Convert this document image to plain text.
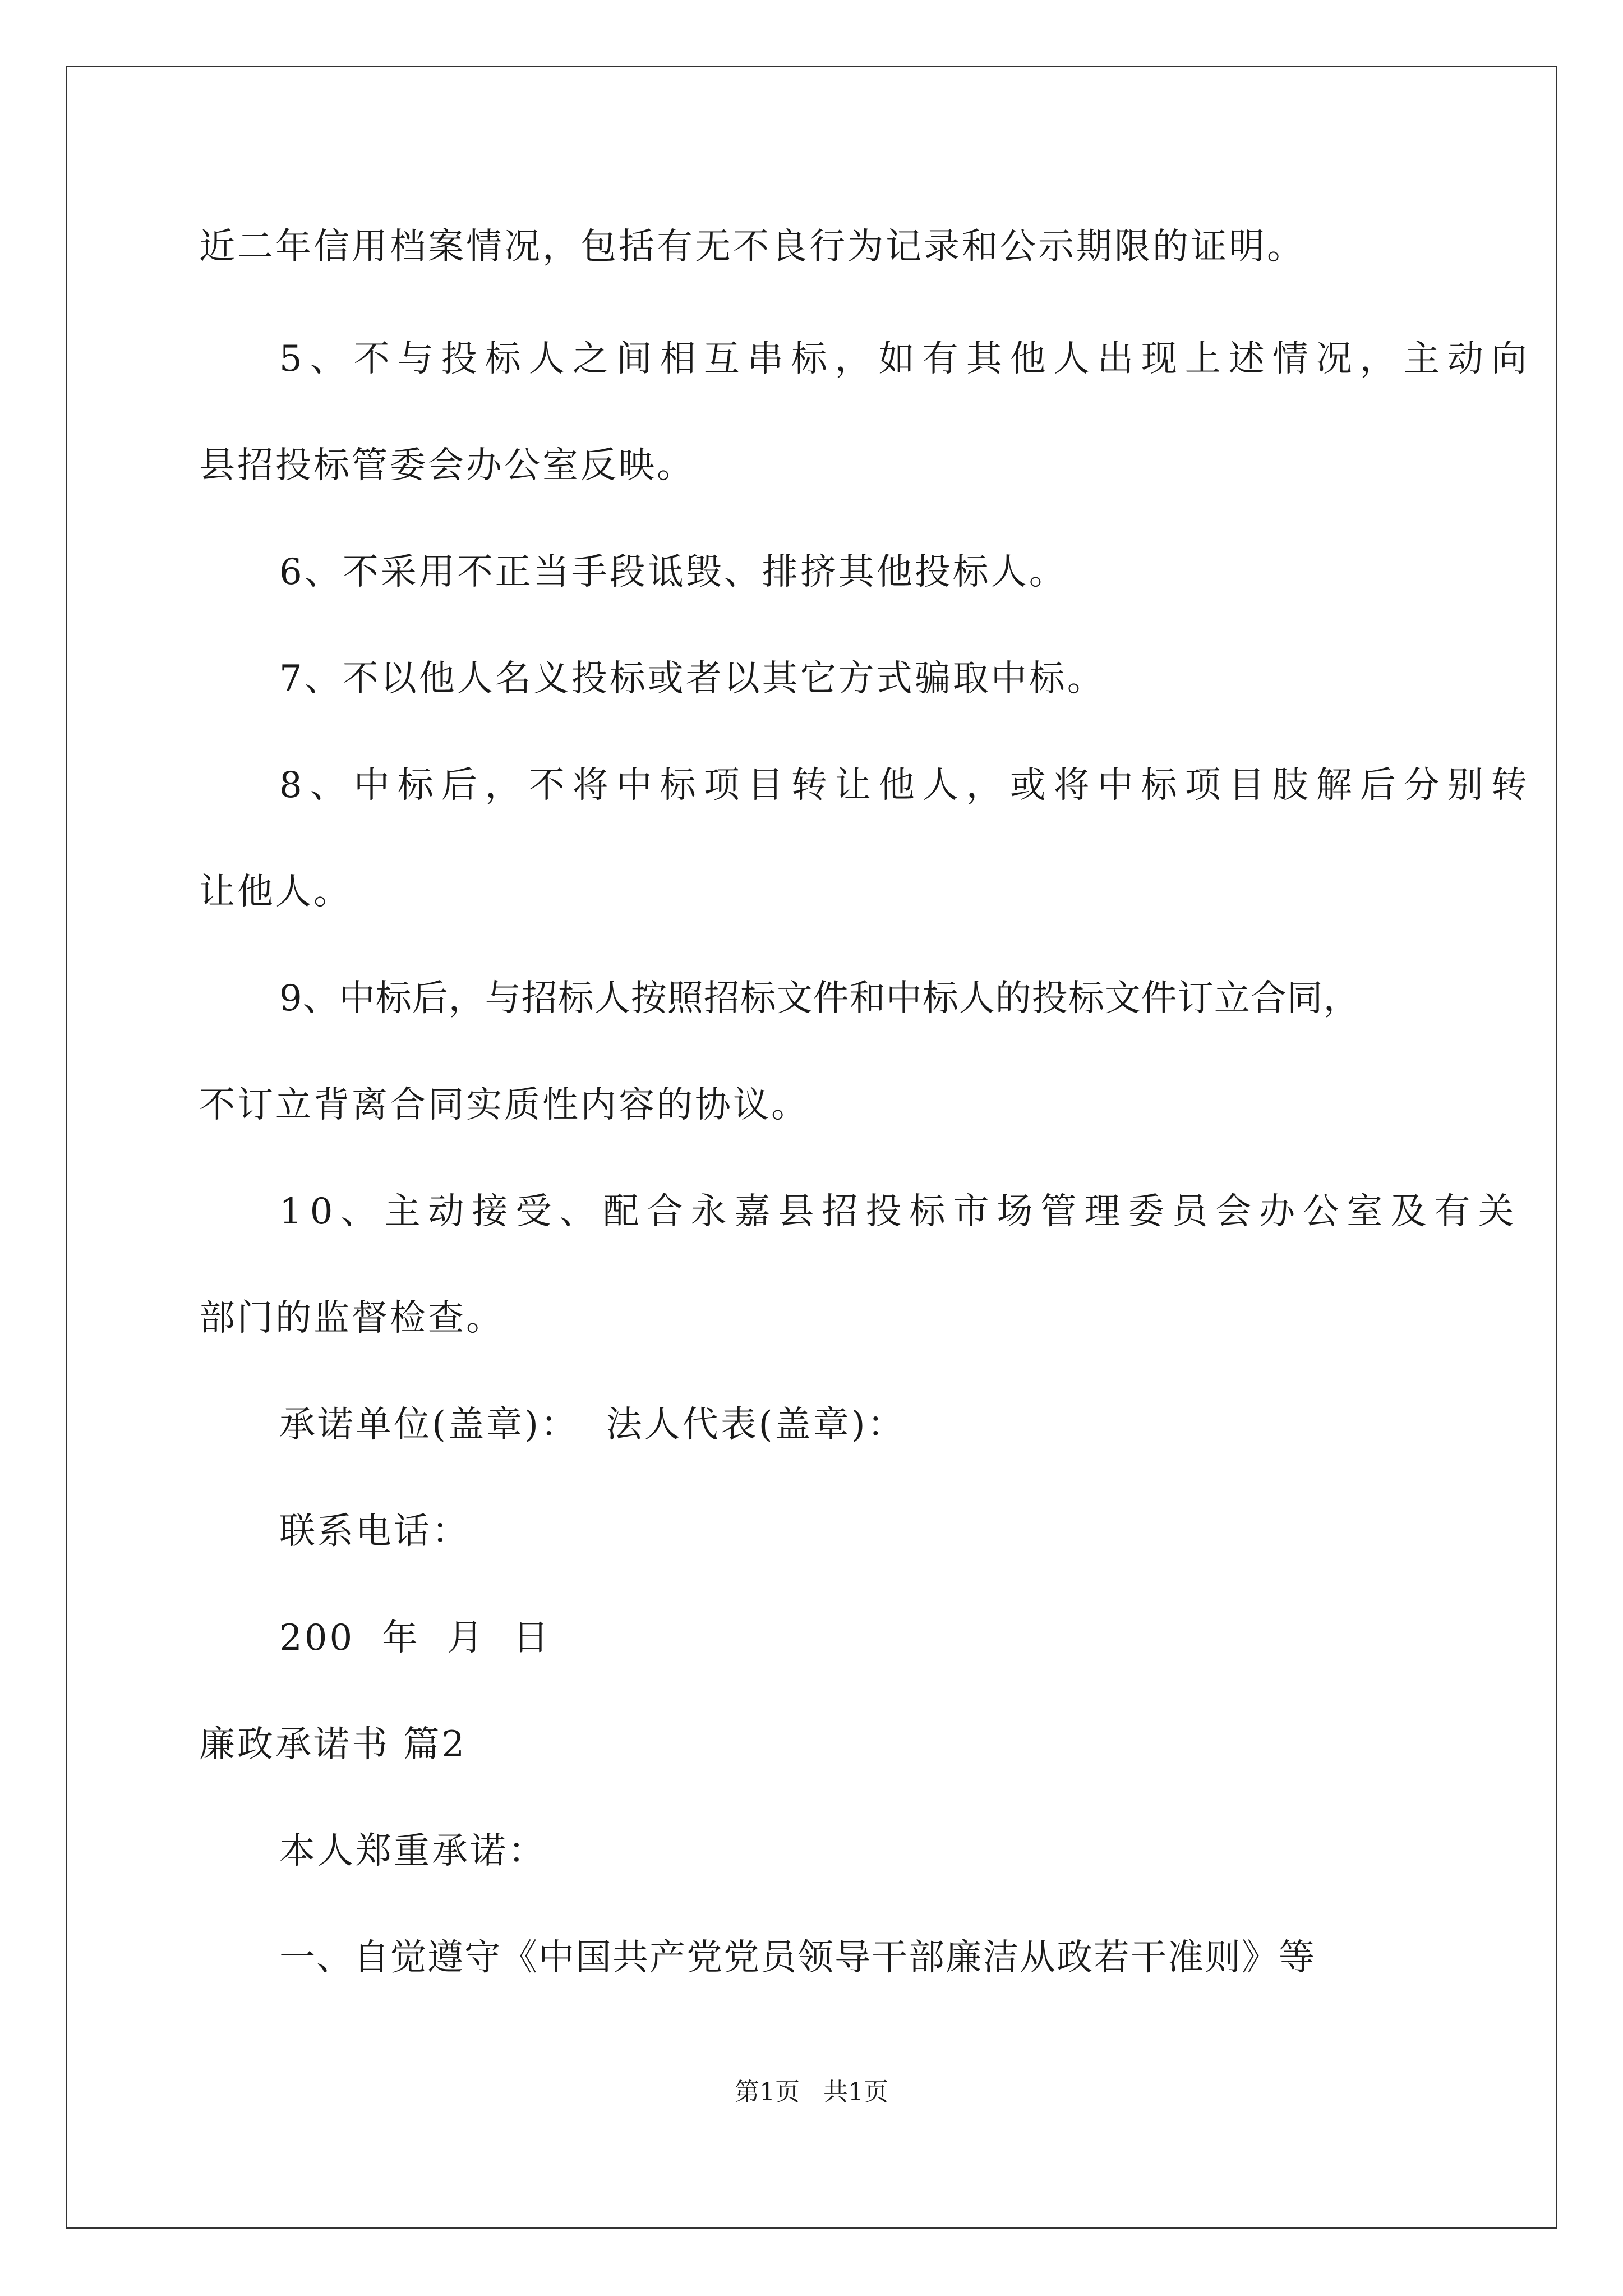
近二年信用档案情况，包括有无不良行为记录和公示期限的证明。
5、不与投标人之间相互串标，如有其他人出现上述情况，主动向
县招投标管委会办公室反映。
6、不采用不正当手段诋毁、排挤其他投标人。
7、不以他人名义投标或者以其它方式骗取中标。
8、中标后，不将中标项目转让他人，或将中标项目肢解后分别转
让他人。
9、中标后，与招标人按照招标文件和中标人的投标文件订立合同，
不订立背离合同实质性内容的协议。
10、主动接受、配合永嘉县招投标市场管理委员会办公室及有关
部门的监督检查。
承诺单位(盖章)：  法人代表(盖章)：
联系电话：
200  年  月  日
廉政承诺书 篇2
本人郑重承诺：
一、自觉遵守《中国共产党党员领导干部廉洁从政若干准则》等
第1页   共1页
